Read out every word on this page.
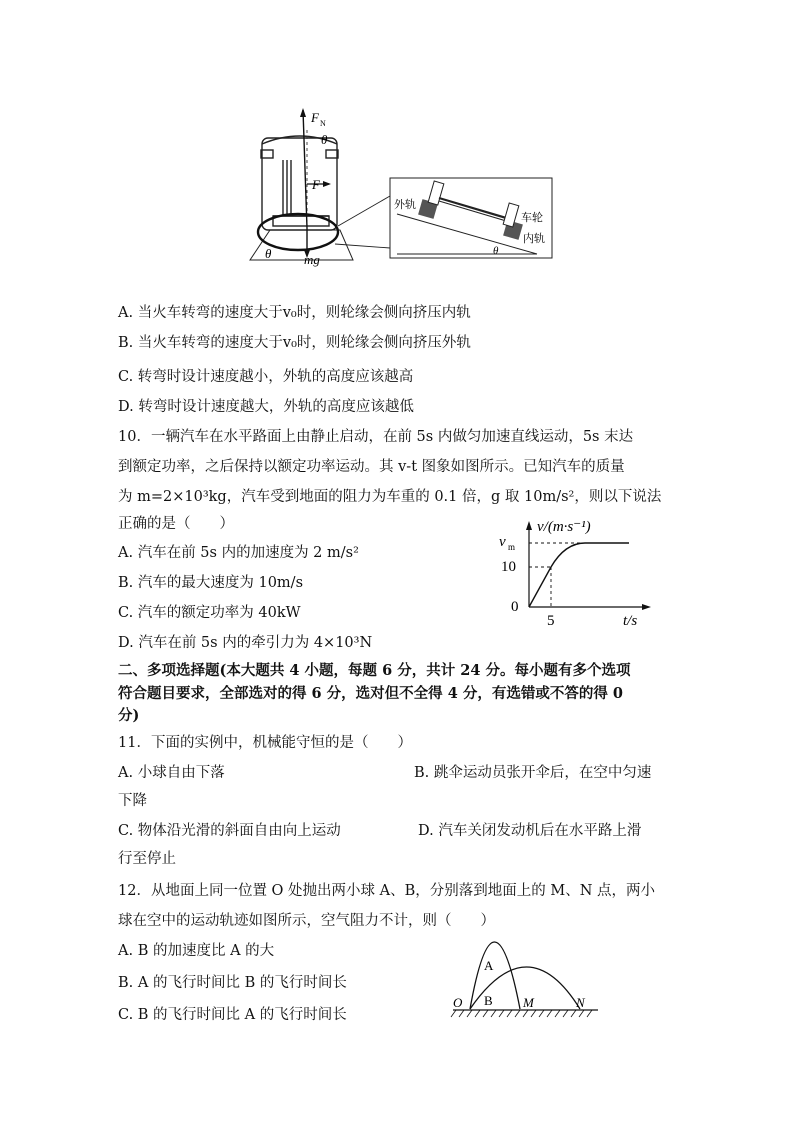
F N
θ
F
mg
θ
外轨
车轮
内轨
θ
A. 当火车转弯的速度大于v₀时，则轮缘会侧向挤压内轨
B. 当火车转弯的速度大于v₀时，则轮缘会侧向挤压外轨
C. 转弯时设计速度越小，外轨的高度应该越高
D. 转弯时设计速度越大，外轨的高度应该越低
10．一辆汽车在水平路面上由静止启动，在前 5s 内做匀加速直线运动，5s 末达
到额定功率，之后保持以额定功率运动。其 v-t 图象如图所示。已知汽车的质量
为 m=2×10³kg，汽车受到地面的阻力为车重的 0.1 倍，g 取 10m/s²，则以下说法
正确的是（　　）
A. 汽车在前 5s 内的加速度为 2 m/s²
B. 汽车的最大速度为 10m/s
C. 汽车的额定功率为 40kW
D. 汽车在前 5s 内的牵引力为 4×10³N
v/(m·s⁻¹)
v m
10
0
5	t/s
二、多项选择题(本大题共 4 小题，每题 6 分，共计 24 分。每小题有多个选项
符合题目要求，全部选对的得 6 分，选对但不全得 4 分，有选错或不答的得 0
分)
11．下面的实例中，机械能守恒的是（　　）
A. 小球自由下落	B. 跳伞运动员张开伞后，在空中匀速
下降
C. 物体沿光滑的斜面自由向上运动	D. 汽车关闭发动机后在水平路上滑
行至停止
12．从地面上同一位置 O 处抛出两小球 A、B，分别落到地面上的 M、N 点，两小
球在空中的运动轨迹如图所示，空气阻力不计，则（　　）
A. B 的加速度比 A 的大
B. A 的飞行时间比 B 的飞行时间长
C. B 的飞行时间比 A 的飞行时间长
A
B
O	M	N
